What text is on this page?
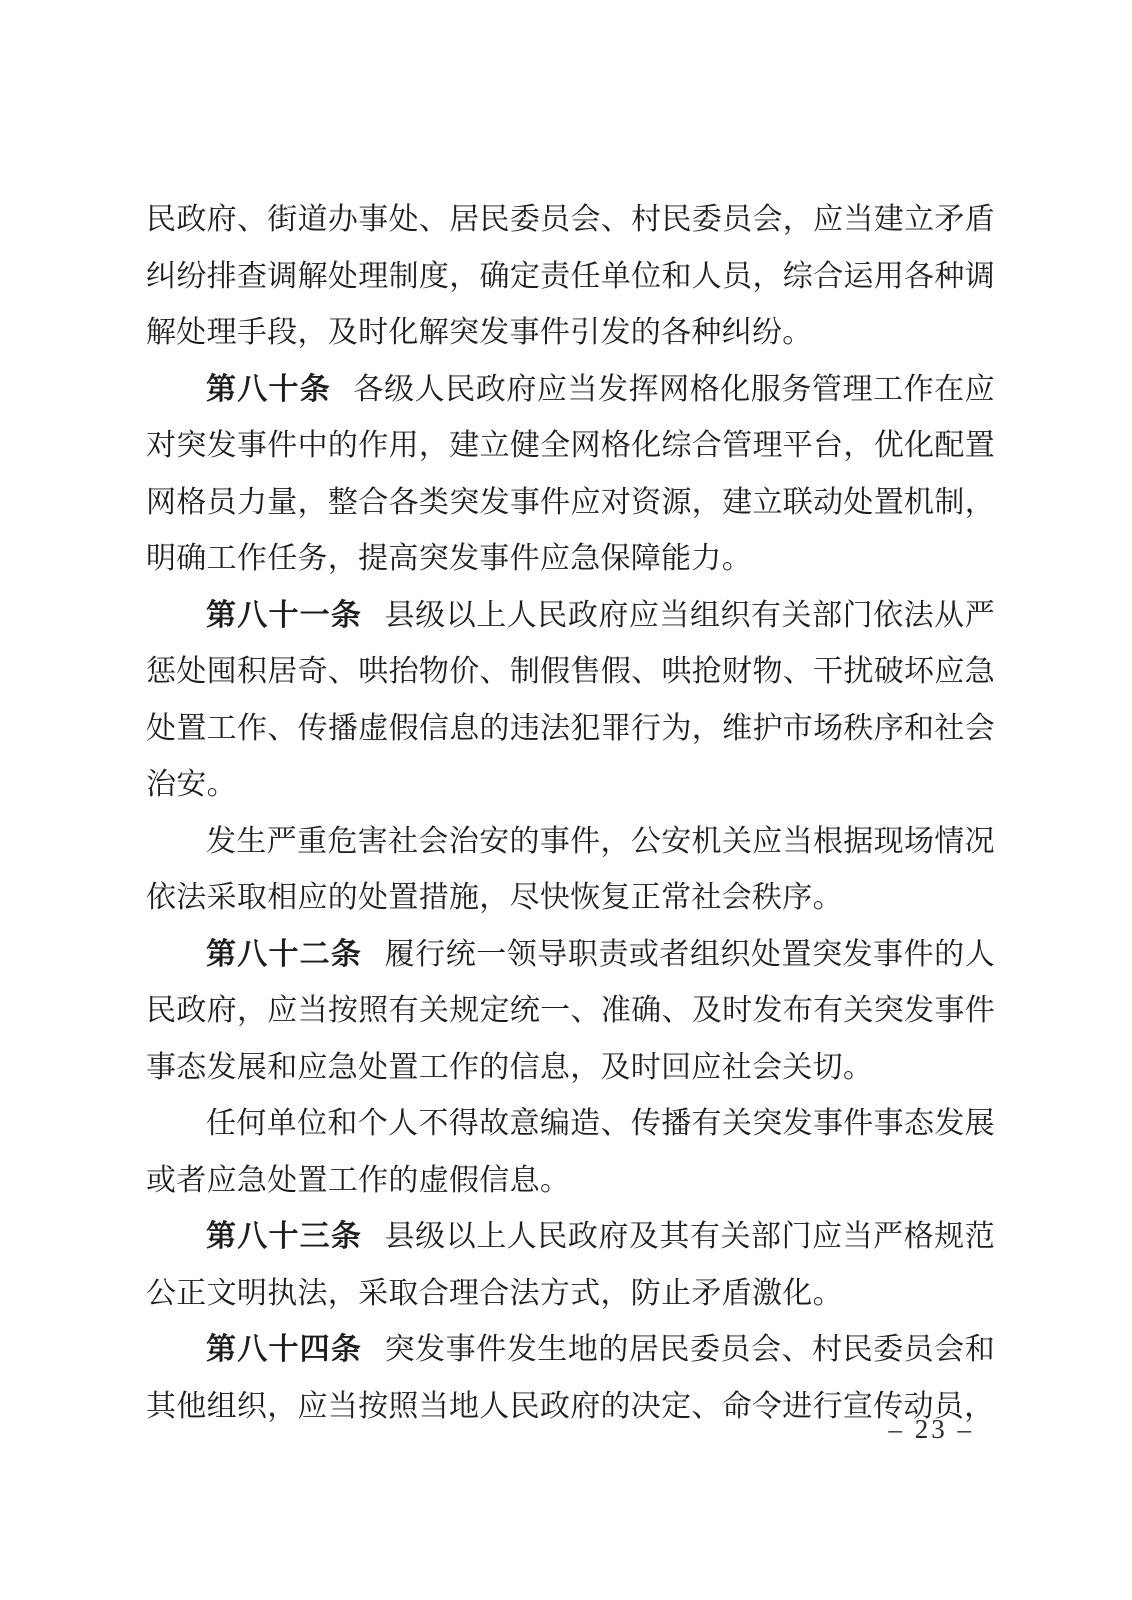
民政府、街道办事处、居民委员会、村民委员会，应当建立矛盾纠纷排查调解处理制度，确定责任单位和人员，综合运用各种调解处理手段，及时化解突发事件引发的各种纠纷。

第八十条 各级人民政府应当发挥网格化服务管理工作在应对突发事件中的作用，建立健全网格化综合管理平台，优化配置网格员力量，整合各类突发事件应对资源，建立联动处置机制，明确工作任务，提高突发事件应急保障能力。

第八十一条 县级以上人民政府应当组织有关部门依法从严惩处囤积居奇、哄抬物价、制假售假、哄抢财物、干扰破坏应急处置工作、传播虚假信息的违法犯罪行为，维护市场秩序和社会治安。

发生严重危害社会治安的事件，公安机关应当根据现场情况依法采取相应的处置措施，尽快恢复正常社会秩序。

第八十二条 履行统一领导职责或者组织处置突发事件的人民政府，应当按照有关规定统一、准确、及时发布有关突发事件事态发展和应急处置工作的信息，及时回应社会关切。

任何单位和个人不得故意编造、传播有关突发事件事态发展或者应急处置工作的虚假信息。

第八十三条 县级以上人民政府及其有关部门应当严格规范公正文明执法，采取合理合法方式，防止矛盾激化。

第八十四条 突发事件发生地的居民委员会、村民委员会和其他组织，应当按照当地人民政府的决定、命令进行宣传动员，

– 23 –
